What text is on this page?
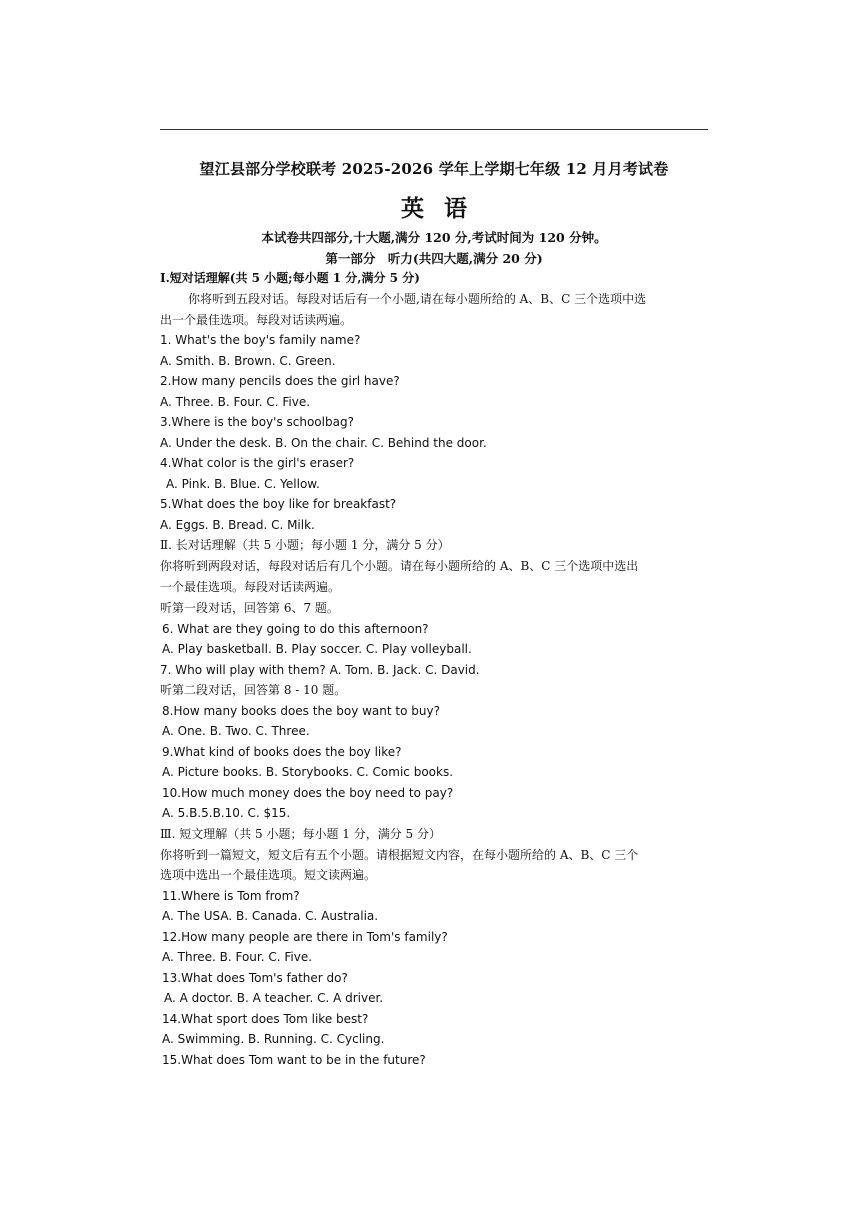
望江县部分学校联考 2025-2026 学年上学期七年级 12 月月考试卷
英 语
本试卷共四部分,十大题,满分 120 分,考试时间为 120 分钟。
第一部分　听力(共四大题,满分 20 分)
Ⅰ.短对话理解(共 5 小题;每小题 1 分,满分 5 分)
你将听到五段对话。每段对话后有一个小题,请在每小题所给的 A、B、C 三个选项中选
出一个最佳选项。每段对话读两遍。
1. What's the boy's family name?
A. Smith. B. Brown. C. Green.
2.How many pencils does the girl have?
A. Three. B. Four. C. Five.
3.Where is the boy's schoolbag?
A. Under the desk. B. On the chair. C. Behind the door.
4.What color is the girl's eraser?
A. Pink. B. Blue. C. Yellow.
5.What does the boy like for breakfast?
A. Eggs. B. Bread. C. Milk.
Ⅱ. 长对话理解（共 5 小题；每小题 1 分，满分 5 分）
你将听到两段对话，每段对话后有几个小题。请在每小题所给的 A、B、C 三个选项中选出
一个最佳选项。每段对话读两遍。
听第一段对话，回答第 6、7 题。
6. What are they going to do this afternoon?
A. Play basketball. B. Play soccer. C. Play volleyball.
7. Who will play with them? A. Tom. B. Jack. C. David.
听第二段对话，回答第 8 - 10 题。
8.How many books does the boy want to buy?
A. One. B. Two. C. Three.
9.What kind of books does the boy like?
A. Picture books. B. Storybooks. C. Comic books.
10.How much money does the boy need to pay?
A. 5.B.5.B.10. C. $15.
Ⅲ. 短文理解（共 5 小题；每小题 1 分，满分 5 分）
你将听到一篇短文，短文后有五个小题。请根据短文内容，在每小题所给的 A、B、C 三个
选项中选出一个最佳选项。短文读两遍。
11.Where is Tom from?
A. The USA. B. Canada. C. Australia.
12.How many people are there in Tom's family?
A. Three. B. Four. C. Five.
13.What does Tom's father do?
A. A doctor. B. A teacher. C. A driver.
14.What sport does Tom like best?
A. Swimming. B. Running. C. Cycling.
15.What does Tom want to be in the future?
